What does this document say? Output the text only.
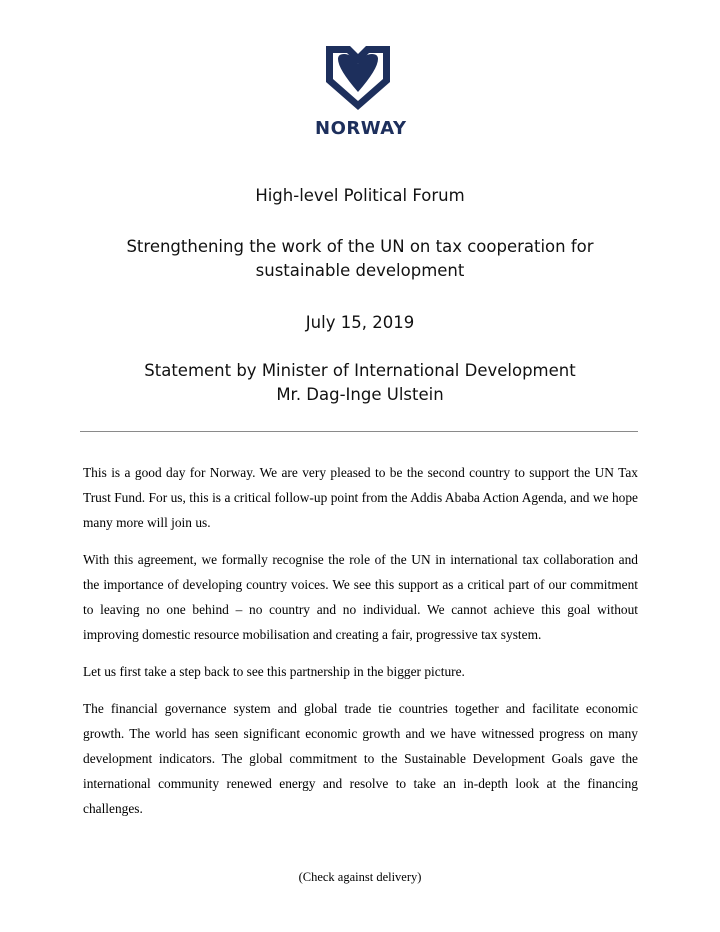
NORWAY
High-level Political Forum
Strengthening the work of the UN on tax cooperation for
sustainable development
July 15, 2019
Statement by Minister of International Development
Mr. Dag-Inge Ulstein

This is a good day for Norway. We are very pleased to be the second country to support the UN Tax Trust Fund. For us, this is a critical follow-up point from the Addis Ababa Action Agenda, and we hope many more will join us.

With this agreement, we formally recognise the role of the UN in international tax collaboration and the importance of developing country voices. We see this support as a critical part of our commitment to leaving no one behind – no country and no individual. We cannot achieve this goal without improving domestic resource mobilisation and creating a fair, progressive tax system.

Let us first take a step back to see this partnership in the bigger picture.

The financial governance system and global trade tie countries together and facilitate economic growth. The world has seen significant economic growth and we have witnessed progress on many development indicators. The global commitment to the Sustainable Development Goals gave the international community renewed energy and resolve to take an in-depth look at the financing challenges.

(Check against delivery)
